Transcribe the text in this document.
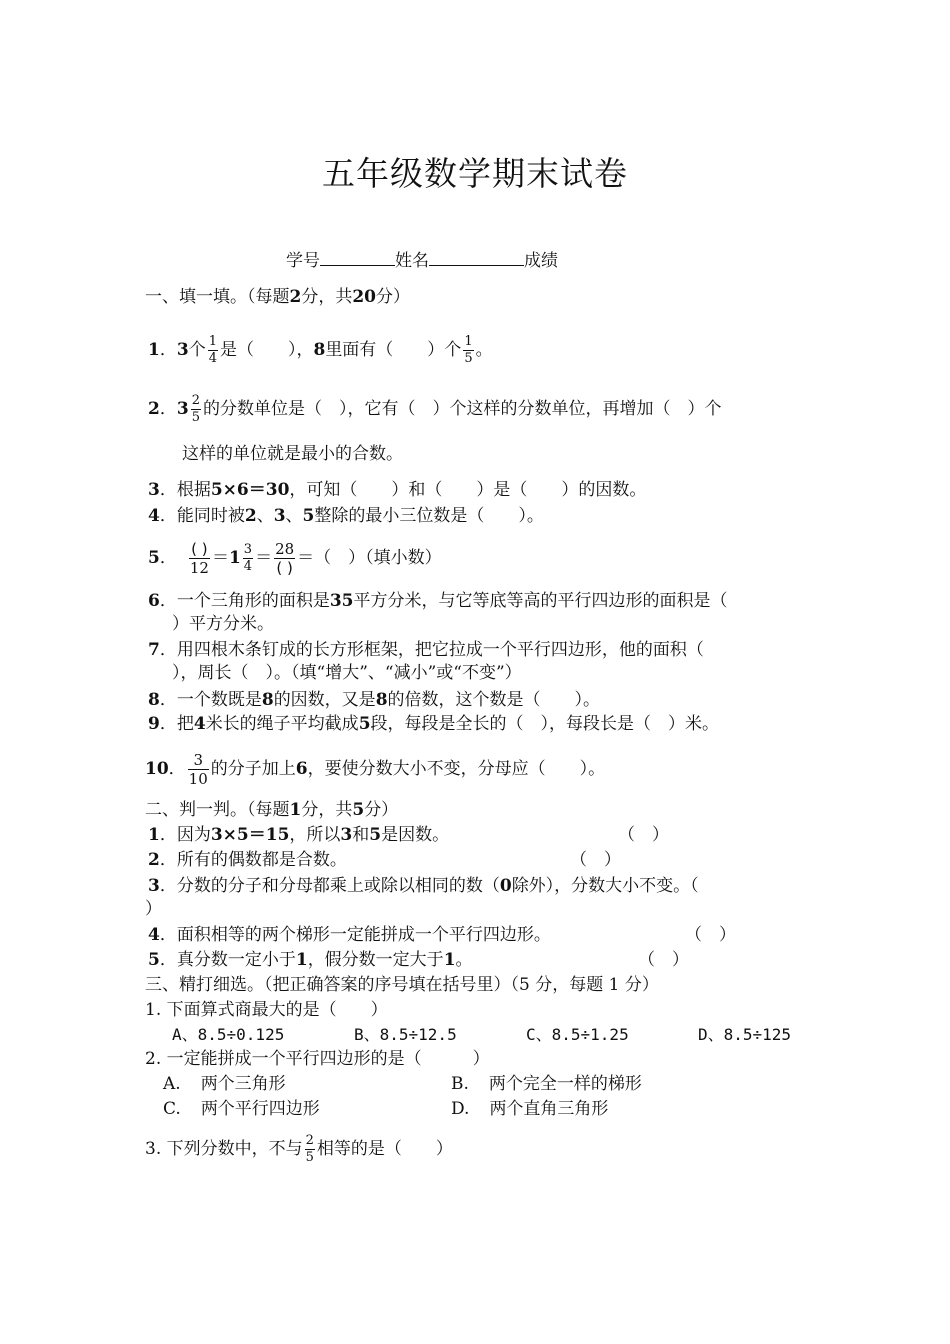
五年级数学期末试卷
学号	姓名	成绩
一、填一填。（每题2分，共20分）
1．3个 $\frac{1}{4}$ 是（　　），8里面有（　　）个 $\frac{1}{5}$ 。
2．$3 \frac{2}{5}$ 的分数单位是（　），它有（　）个这样的分数单位，再增加（　）个
这样的单位就是最小的合数。
3．根据5×6＝30，可知（　　）和（　　）是（　　）的因数。
4．能同时被2、3、5整除的最小三位数是（　　）。
5． $\frac{( )}{12} =1 \frac{3}{4} = \frac{28}{( )}$ ＝（　）（填小数）
6．一个三角形的面积是35平方分米，与它等底等高的平行四边形的面积是（
）平方分米。
7．用四根木条钉成的长方形框架，把它拉成一个平行四边形，他的面积（
），周长（　）。（填“增大”、“减小”或“不变”）
8．一个数既是8的因数，又是8的倍数，这个数是（　　）。
9．把4米长的绳子平均截成5段，每段是全长的（　），每段长是（　）米。
10． $\frac{3}{10}$ 的分子加上6，要使分数大小不变，分母应（　　）。
二、判一判。（每题1分，共5分）
1．因为3×5＝15，所以3和5是因数。	（　）
2．所有的偶数都是合数。	（　）
3．分数的分子和分母都乘上或除以相同的数（0除外），分数大小不变。（
）
4．面积相等的两个梯形一定能拼成一个平行四边形。	（　）
5．真分数一定小于1，假分数一定大于1。	（　）
三、精打细选。（把正确答案的序号填在括号里）（5 分，每题 1 分）
1. 下面算式商最大的是（　　）
A、8.5÷0.125	B、8.5÷12.5	C、8.5÷1.25	D、8.5÷125
2. 一定能拼成一个平行四边形的是（　　　）
A. 两个三角形	B. 两个完全一样的梯形
C. 两个平行四边形	D. 两个直角三角形
3. 下列分数中，不与 $\frac{2}{5}$ 相等的是（　　）
